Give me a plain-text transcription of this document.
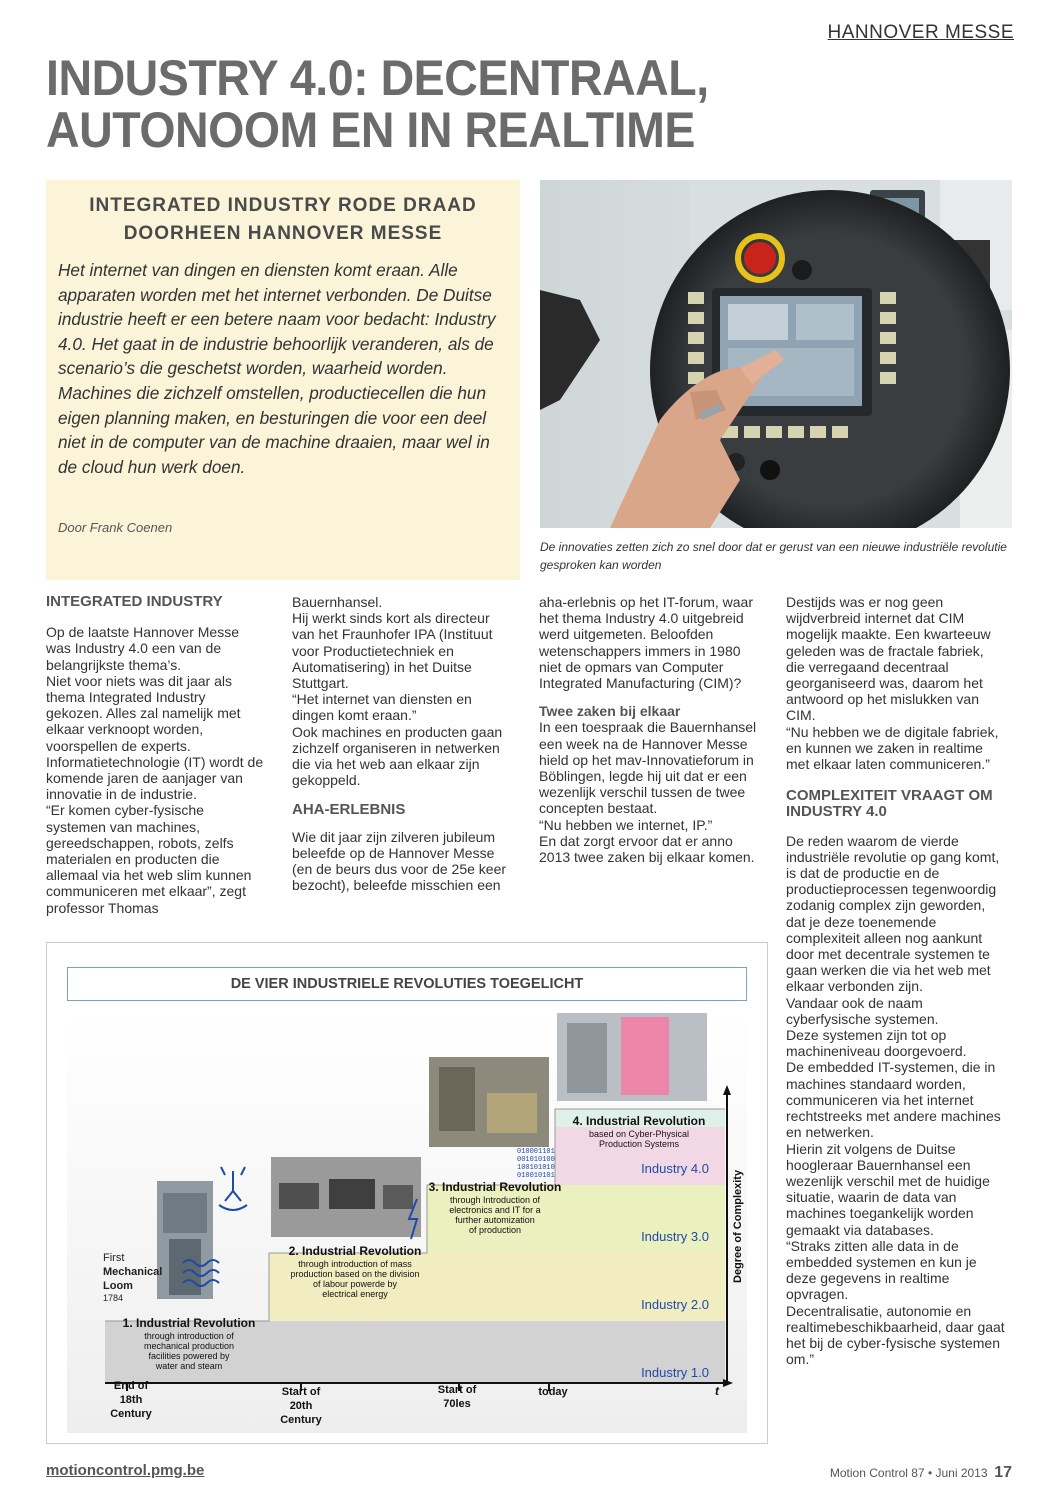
HANNOVER MESSE
INDUSTRY 4.0: DECENTRAAL,
AUTONOOM EN IN REALTIME
INTEGRATED INDUSTRY RODE DRAAD
DOORHEEN HANNOVER MESSE

Het internet van dingen en diensten komt eraan. Alle apparaten worden met het internet verbonden. De Duitse industrie heeft er een betere naam voor bedacht: Industry 4.0. Het gaat in de industrie behoorlijk veranderen, als de scenario’s die geschetst worden, waarheid worden. Machines die zichzelf omstellen, productiecellen die hun eigen planning maken, en besturingen die voor een deel niet in de computer van de machine draaien, maar wel in de cloud hun werk doen.

Door Frank Coenen
De innovaties zetten zich zo snel door dat er gerust van een nieuwe industriële revolutie gesproken kan worden

INTEGRATED INDUSTRY

Op de laatste Hannover Messe was Industry 4.0 een van de belangrijkste thema’s.
Niet voor niets was dit jaar als thema Integrated Industry gekozen. Alles zal namelijk met elkaar verknoopt worden, voorspellen de experts.
Informatietechnologie (IT) wordt de komende jaren de aanjager van innovatie in de industrie.
“Er komen cyber-fysische systemen van machines, gereedschappen, robots, zelfs materialen en producten die allemaal via het web slim kunnen communiceren met elkaar”, zegt professor Thomas

Bauernhansel.
Hij werkt sinds kort als directeur van het Fraunhofer IPA (Instituut voor Productietechniek en Automatisering) in het Duitse Stuttgart.
“Het internet van diensten en dingen komt eraan.”
Ook machines en producten gaan zichzelf organiseren in netwerken die via het web aan elkaar zijn gekoppeld.

AHA-ERLEBNIS

Wie dit jaar zijn zilveren jubileum beleefde op de Hannover Messe (en de beurs dus voor de 25e keer bezocht), beleefde misschien een

aha-erlebnis op het IT-forum, waar het thema Industry 4.0 uitgebreid werd uitgemeten. Beloofden wetenschappers immers in 1980 niet de opmars van Computer Integrated Manufacturing (CIM)?

Twee zaken bij elkaar

In een toespraak die Bauernhansel een week na de Hannover Messe hield op het mav-Innovatieforum in Böblingen, legde hij uit dat er een wezenlijk verschil tussen de twee concepten bestaat.
“Nu hebben we internet, IP.”
En dat zorgt ervoor dat er anno 2013 twee zaken bij elkaar komen.

Destijds was er nog geen wijdverbreid internet dat CIM mogelijk maakte. Een kwarteeuw geleden was de fractale fabriek, die verregaand decentraal georganiseerd was, daarom het antwoord op het mislukken van CIM.
“Nu hebben we de digitale fabriek, en kunnen we zaken in realtime met elkaar laten communiceren.”

COMPLEXITEIT VRAAGT OM INDUSTRY 4.0

De reden waarom de vierde industriële revolutie op gang komt, is dat de productie en de productieprocessen tegenwoordig zodanig complex zijn geworden, dat je deze toenemende complexiteit alleen nog aankunt door met decentrale systemen te gaan werken die via het web met elkaar verbonden zijn.
Vandaar ook de naam cyberfysische systemen.
Deze systemen zijn tot op machineniveau doorgevoerd.
De embedded IT-systemen, die in machines standaard worden, communiceren via het internet rechtstreeks met andere machines en netwerken.
Hierin zit volgens de Duitse hoogleraar Bauernhansel een wezenlijk verschil met de huidige situatie, waarin de data van machines toegankelijk worden gemaakt via databases.
“Straks zitten alle data in de embedded systemen en kun je deze gegevens in realtime opvragen.
Decentralisatie, autonomie en realtimebeschikbaarheid, daar gaat het bij de cyber-fysische systemen om.”

DE VIER INDUSTRIELE REVOLUTIES TOEGELICHT
010001101
001010100
100101010
010010101
First
Mechanical
Loom
1784
1. Industrial Revolution
through introduction of
mechanical production
facilities powered by
water and steam
2. Industrial Revolution
through introduction of mass
production based on the division
of labour powerde by
electrical energy
3. Industrial Revolution
through Introduction of
electronics and IT for a
further automization
of production
4. Industrial Revolution
based on Cyber-Physical
Production Systems
Industry 1.0
Industry 2.0
Industry 3.0
Industry 4.0
t
Degree of Complexity
End of
18th
Century
Start of
20th
Century
Start of
70les
today
motioncontrol.pmg.be	Motion Control 87 • Juni 2013 17
